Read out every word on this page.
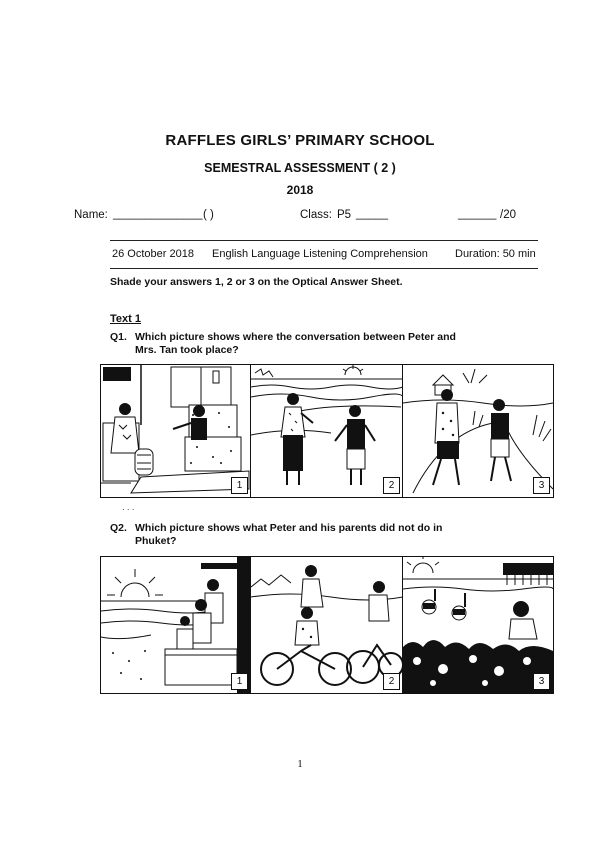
RAFFLES GIRLS’ PRIMARY SCHOOL
SEMESTRAL ASSESSMENT ( 2 )
2018
Name: ______________ ( )	Class: P5 _____	______ /20
26 October 2018 English Language Listening Comprehension Duration: 50 min
Shade your answers 1, 2 or 3 on the Optical Answer Sheet.
Text 1
Q1. Which picture shows where the conversation between Peter and
Mrs. Tan took place?
1	2	3
· · ·
Q2. Which picture shows what Peter and his parents did not do in
Phuket?
1	2	3
1
